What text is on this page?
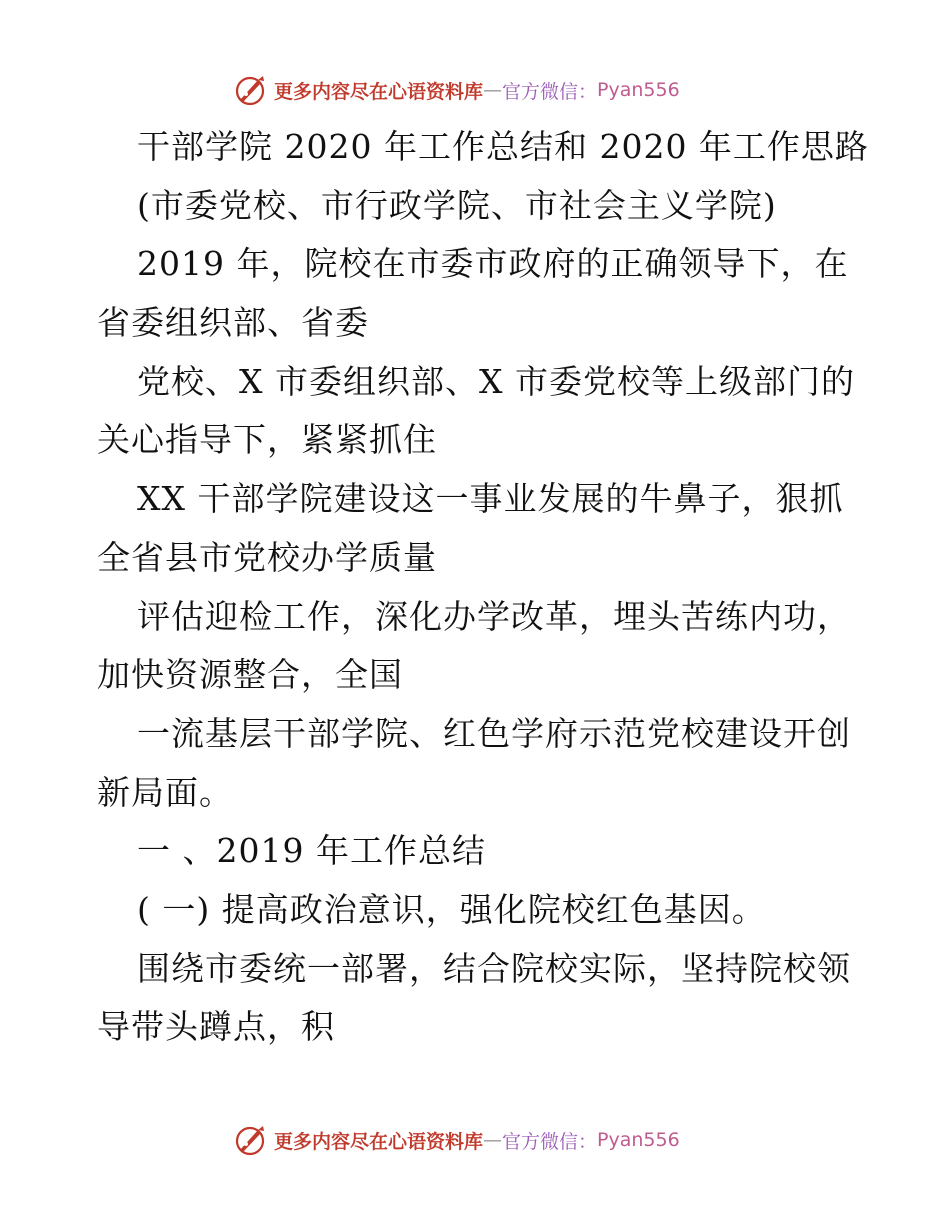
更多内容尽在心语资料库 — 官方微信： Pyan556
干部学院 2020 年工作总结和 2020 年工作思路
(市委党校、市行政学院、市社会主义学院)
2019 年，院校在市委市政府的正确领导下，在
省委组织部、省委
党校、X 市委组织部、X 市委党校等上级部门的
关心指导下，紧紧抓住
XX 干部学院建设这一事业发展的牛鼻子，狠抓
全省县市党校办学质量
评估迎检工作，深化办学改革，埋头苦练内功，
加快资源整合，全国
一流基层干部学院、红色学府示范党校建设开创
新局面。
一 、2019 年工作总结
( 一) 提高政治意识，强化院校红色基因。
围绕市委统一部署，结合院校实际，坚持院校领
导带头蹲点，积
更多内容尽在心语资料库 — 官方微信： Pyan556
